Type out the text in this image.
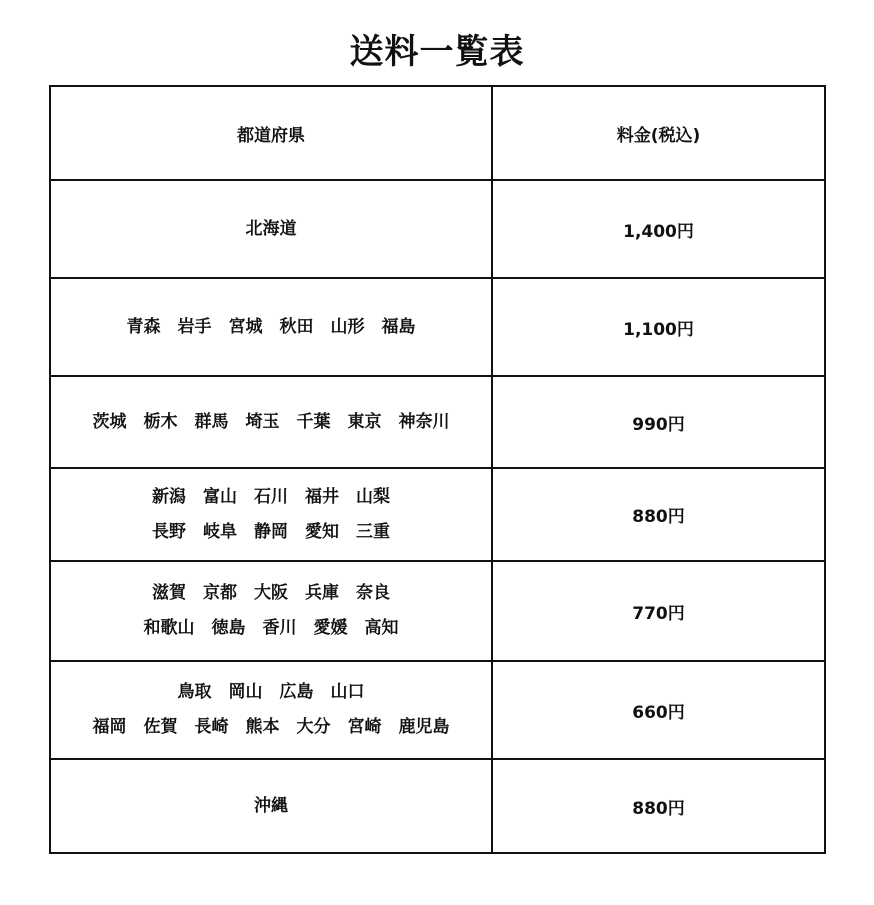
送料一覧表
都道府県	料金(税込)

北海道	1,400円

青森　岩手　宮城　秋田　山形　福島	1,100円

茨城　栃木　群馬　埼玉　千葉　東京　神奈川	990円

新潟　富山　石川　福井　山梨
長野　岐阜　静岡　愛知　三重	880円

滋賀　京都　大阪　兵庫　奈良
和歌山　徳島　香川　愛媛　高知	770円

鳥取　岡山　広島　山口
福岡　佐賀　長崎　熊本　大分　宮崎　鹿児島	660円

沖縄	880円
